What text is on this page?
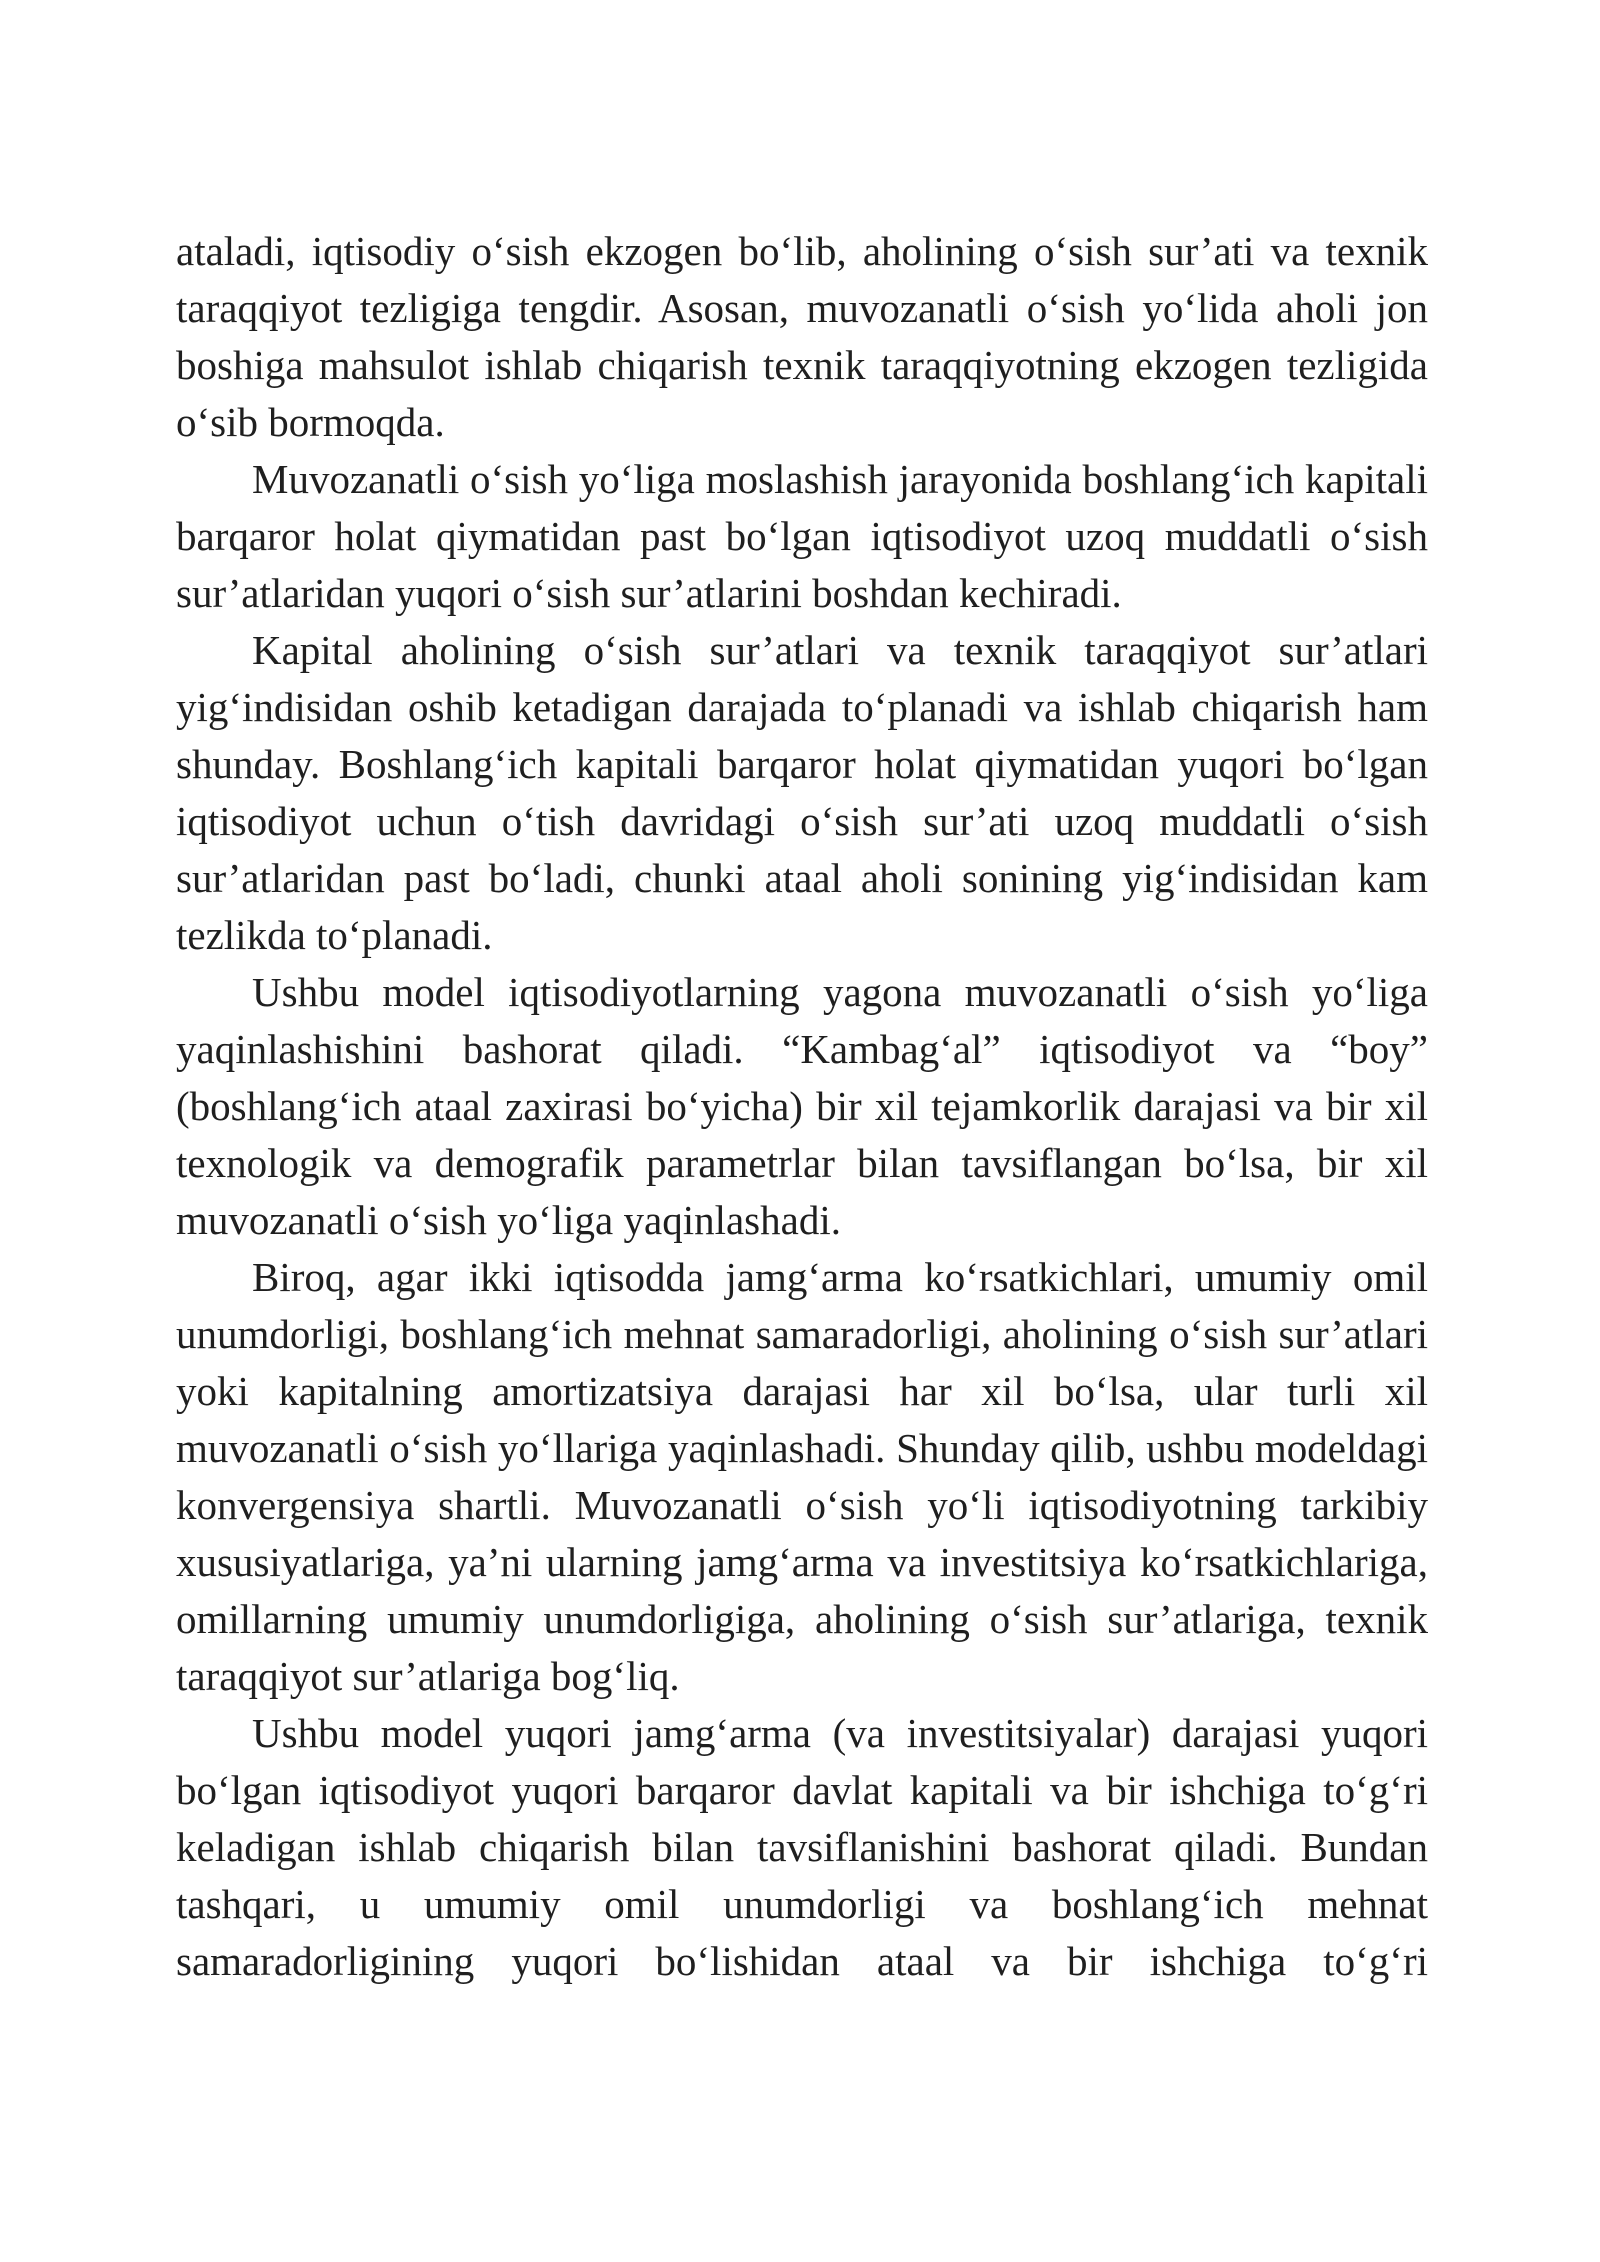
ataladi, iqtisodiy o‘sish ekzogen bo‘lib, aholining o‘sish sur’ati va texnik taraqqiyot tezligiga tengdir. Asosan, muvozanatli o‘sish yo‘lida aholi jon boshiga mahsulot ishlab chiqarish texnik taraqqiyotning ekzogen tezligida o‘sib bormoqda.

Muvozanatli o‘sish yo‘liga moslashish jarayonida boshlang‘ich kapitali barqaror holat qiymatidan past bo‘lgan iqtisodiyot uzoq muddatli o‘sish sur’atlaridan yuqori o‘sish sur’atlarini boshdan kechiradi.

Kapital aholining o‘sish sur’atlari va texnik taraqqiyot sur’atlari yig‘indisidan oshib ketadigan darajada to‘planadi va ishlab chiqarish ham shunday. Boshlang‘ich kapitali barqaror holat qiymatidan yuqori bo‘lgan iqtisodiyot uchun o‘tish davridagi o‘sish sur’ati uzoq muddatli o‘sish sur’atlaridan past bo‘ladi, chunki ataal aholi sonining yig‘indisidan kam tezlikda to‘planadi.

Ushbu model iqtisodiyotlarning yagona muvozanatli o‘sish yo‘liga yaqinlashishini bashorat qiladi. “Kambag‘al” iqtisodiyot va “boy” (boshlang‘ich ataal zaxirasi bo‘yicha) bir xil tejamkorlik darajasi va bir xil texnologik va demografik parametrlar bilan tavsiflangan bo‘lsa, bir xil muvozanatli o‘sish yo‘liga yaqinlashadi.

Biroq, agar ikki iqtisodda jamg‘arma ko‘rsatkichlari, umumiy omil unumdorligi, boshlang‘ich mehnat samaradorligi, aholining o‘sish sur’atlari yoki kapitalning amortizatsiya darajasi har xil bo‘lsa, ular turli xil muvozanatli o‘sish yo‘llariga yaqinlashadi. Shunday qilib, ushbu modeldagi konvergensiya shartli. Muvozanatli o‘sish yo‘li iqtisodiyotning tarkibiy xususiyatlariga, ya’ni ularning jamg‘arma va investitsiya ko‘rsatkichlariga, omillarning umumiy unumdorligiga, aholining o‘sish sur’atlariga, texnik taraqqiyot sur’atlariga bog‘liq.

Ushbu model yuqori jamg‘arma (va investitsiyalar) darajasi yuqori bo‘lgan iqtisodiyot yuqori barqaror davlat kapitali va bir ishchiga to‘g‘ri keladigan ishlab chiqarish bilan tavsiflanishini bashorat qiladi. Bundan tashqari, u umumiy omil unumdorligi va boshlang‘ich mehnat samaradorligining yuqori bo‘lishidan ataal va bir ishchiga to‘g‘ri
